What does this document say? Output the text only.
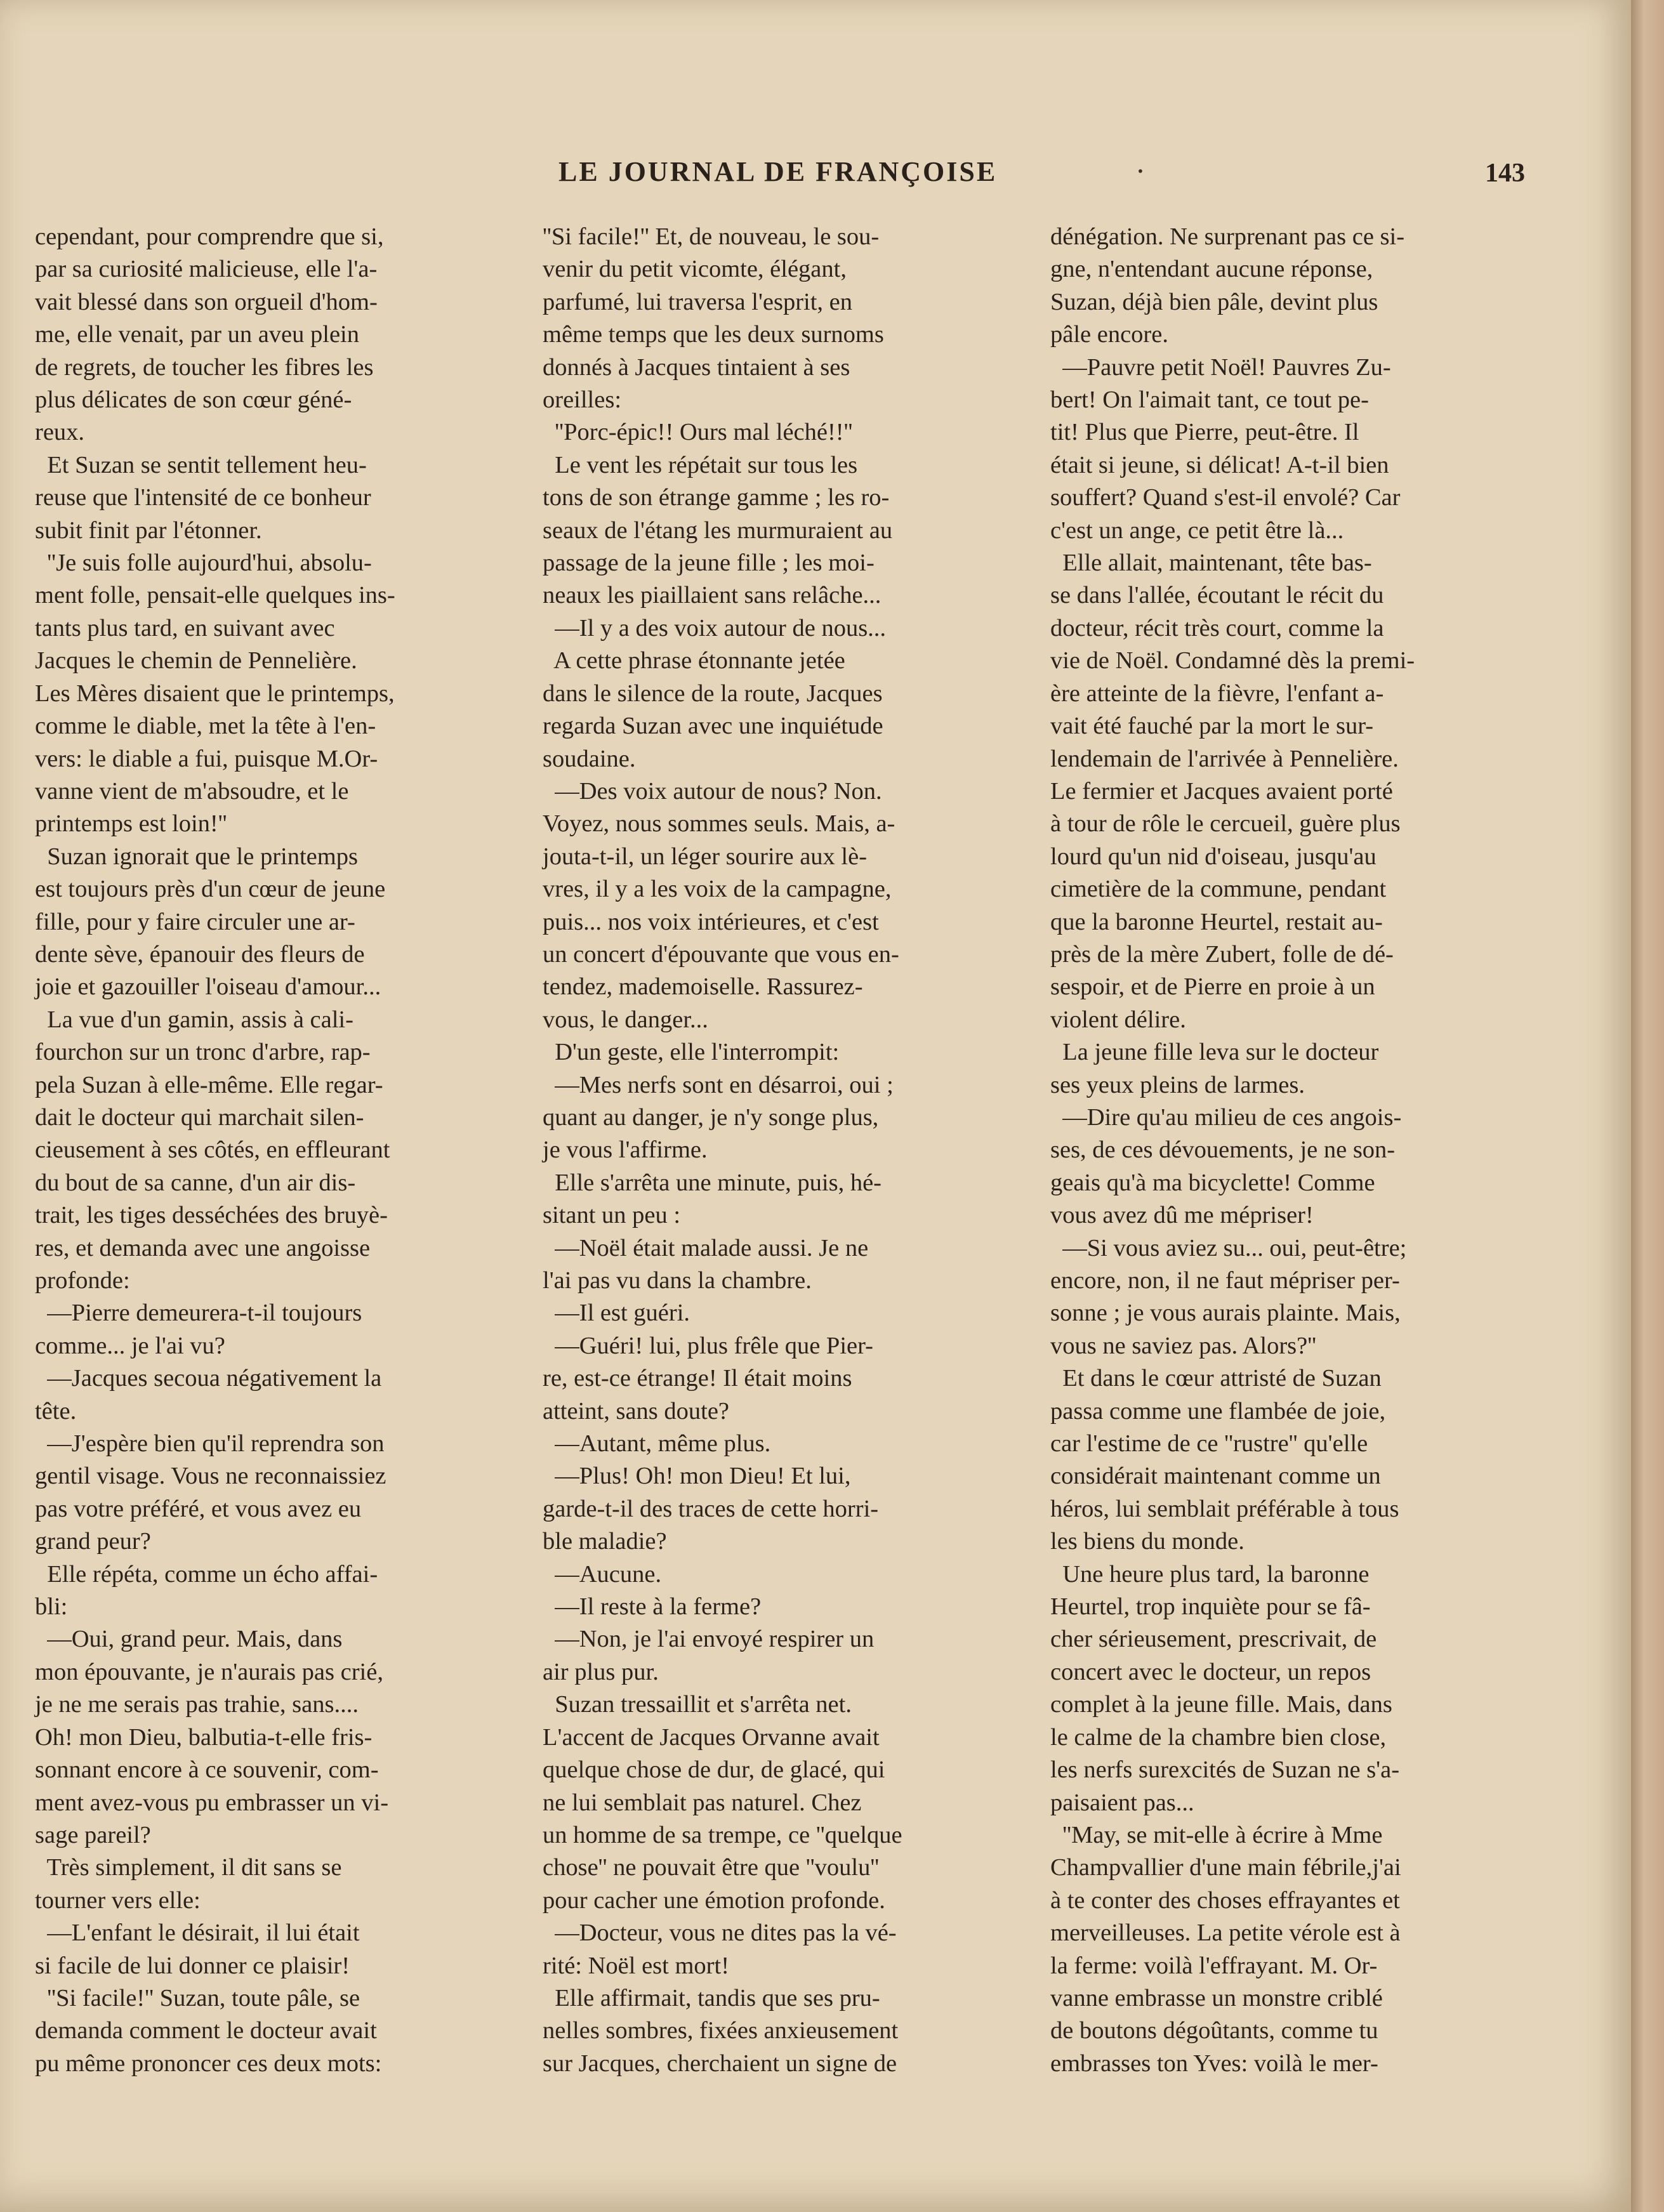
LE JOURNAL DE FRANÇOISE	·	143

cependant, pour comprendre que si,

par sa curiosité malicieuse, elle l'a-

vait blessé dans son orgueil d'hom-

me, elle venait, par un aveu plein

de regrets, de toucher les fibres les

plus délicates de son cœur géné-

reux.

Et Suzan se sentit tellement heu-

reuse que l'intensité de ce bonheur

subit finit par l'étonner.

''Je suis folle aujourd'hui, absolu-

ment folle, pensait-elle quelques ins-

tants plus tard, en suivant avec

Jacques le chemin de Pennelière.

Les Mères disaient que le printemps,

comme le diable, met la tête à l'en-

vers: le diable a fui, puisque M.Or-

vanne vient de m'absoudre, et le

printemps est loin!''

Suzan ignorait que le printemps

est toujours près d'un cœur de jeune

fille, pour y faire circuler une ar-

dente sève, épanouir des fleurs de

joie et gazouiller l'oiseau d'amour...

La vue d'un gamin, assis à cali-

fourchon sur un tronc d'arbre, rap-

pela Suzan à elle-même. Elle regar-

dait le docteur qui marchait silen-

cieusement à ses côtés, en effleurant

du bout de sa canne, d'un air dis-

trait, les tiges desséchées des bruyè-

res, et demanda avec une angoisse

profonde:

—Pierre demeurera-t-il toujours

comme... je l'ai vu?

—Jacques secoua négativement la

tête.

—J'espère bien qu'il reprendra son

gentil visage. Vous ne reconnaissiez

pas votre préféré, et vous avez eu

grand peur?

Elle répéta, comme un écho affai-

bli:

—Oui, grand peur. Mais, dans

mon épouvante, je n'aurais pas crié,

je ne me serais pas trahie, sans....

Oh! mon Dieu, balbutia-t-elle fris-

sonnant encore à ce souvenir, com-

ment avez-vous pu embrasser un vi-

sage pareil?

Très simplement, il dit sans se

tourner vers elle:

—L'enfant le désirait, il lui était

si facile de lui donner ce plaisir!

''Si facile!'' Suzan, toute pâle, se

demanda comment le docteur avait

pu même prononcer ces deux mots:

''Si facile!'' Et, de nouveau, le sou-

venir du petit vicomte, élégant,

parfumé, lui traversa l'esprit, en

même temps que les deux surnoms

donnés à Jacques tintaient à ses

oreilles:

''Porc-épic!! Ours mal léché!!''

Le vent les répétait sur tous les

tons de son étrange gamme ; les ro-

seaux de l'étang les murmuraient au

passage de la jeune fille ; les moi-

neaux les piaillaient sans relâche...

—Il y a des voix autour de nous...

A cette phrase étonnante jetée

dans le silence de la route, Jacques

regarda Suzan avec une inquiétude

soudaine.

—Des voix autour de nous? Non.

Voyez, nous sommes seuls. Mais, a-

jouta-t-il, un léger sourire aux lè-

vres, il y a les voix de la campagne,

puis... nos voix intérieures, et c'est

un concert d'épouvante que vous en-

tendez, mademoiselle. Rassurez-

vous, le danger...

D'un geste, elle l'interrompit:

—Mes nerfs sont en désarroi, oui ;

quant au danger, je n'y songe plus,

je vous l'affirme.

Elle s'arrêta une minute, puis, hé-

sitant un peu :

—Noël était malade aussi. Je ne

l'ai pas vu dans la chambre.

—Il est guéri.

—Guéri! lui, plus frêle que Pier-

re, est-ce étrange! Il était moins

atteint, sans doute?

—Autant, même plus.

—Plus! Oh! mon Dieu! Et lui,

garde-t-il des traces de cette horri-

ble maladie?

—Aucune.

—Il reste à la ferme?

—Non, je l'ai envoyé respirer un

air plus pur.

Suzan tressaillit et s'arrêta net.

L'accent de Jacques Orvanne avait

quelque chose de dur, de glacé, qui

ne lui semblait pas naturel. Chez

un homme de sa trempe, ce ''quelque

chose'' ne pouvait être que ''voulu''

pour cacher une émotion profonde.

—Docteur, vous ne dites pas la vé-

rité: Noël est mort!

Elle affirmait, tandis que ses pru-

nelles sombres, fixées anxieusement

sur Jacques, cherchaient un signe de

dénégation. Ne surprenant pas ce si-

gne, n'entendant aucune réponse,

Suzan, déjà bien pâle, devint plus

pâle encore.

—Pauvre petit Noël! Pauvres Zu-

bert! On l'aimait tant, ce tout pe-

tit! Plus que Pierre, peut-être. Il

était si jeune, si délicat! A-t-il bien

souffert? Quand s'est-il envolé? Car

c'est un ange, ce petit être là...

Elle allait, maintenant, tête bas-

se dans l'allée, écoutant le récit du

docteur, récit très court, comme la

vie de Noël. Condamné dès la premi-

ère atteinte de la fièvre, l'enfant a-

vait été fauché par la mort le sur-

lendemain de l'arrivée à Pennelière.

Le fermier et Jacques avaient porté

à tour de rôle le cercueil, guère plus

lourd qu'un nid d'oiseau, jusqu'au

cimetière de la commune, pendant

que la baronne Heurtel, restait au-

près de la mère Zubert, folle de dé-

sespoir, et de Pierre en proie à un

violent délire.

La jeune fille leva sur le docteur

ses yeux pleins de larmes.

—Dire qu'au milieu de ces angois-

ses, de ces dévouements, je ne son-

geais qu'à ma bicyclette! Comme

vous avez dû me mépriser!

—Si vous aviez su... oui, peut-être;

encore, non, il ne faut mépriser per-

sonne ; je vous aurais plainte. Mais,

vous ne saviez pas. Alors?''

Et dans le cœur attristé de Suzan

passa comme une flambée de joie,

car l'estime de ce ''rustre'' qu'elle

considérait maintenant comme un

héros, lui semblait préférable à tous

les biens du monde.

Une heure plus tard, la baronne

Heurtel, trop inquiète pour se fâ-

cher sérieusement, prescrivait, de

concert avec le docteur, un repos

complet à la jeune fille. Mais, dans

le calme de la chambre bien close,

les nerfs surexcités de Suzan ne s'a-

paisaient pas...

''May, se mit-elle à écrire à Mme

Champvallier d'une main fébrile,j'ai

à te conter des choses effrayantes et

merveilleuses. La petite vérole est à

la ferme: voilà l'effrayant. M. Or-

vanne embrasse un monstre criblé

de boutons dégoûtants, comme tu

embrasses ton Yves: voilà le mer-
